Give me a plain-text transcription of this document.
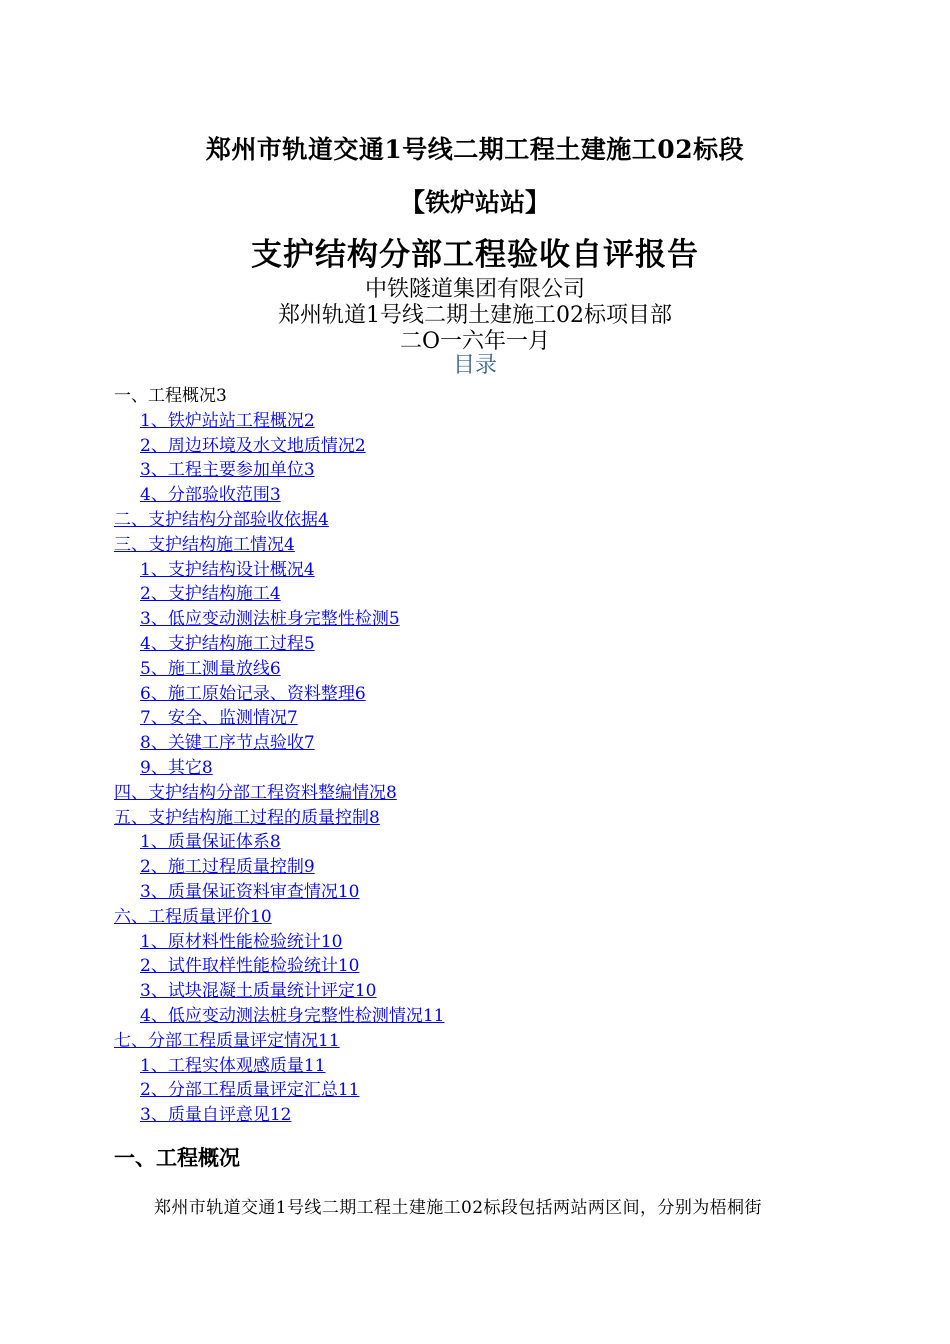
郑州市轨道交通1号线二期工程土建施工02标段
【铁炉站站】
支护结构分部工程验收自评报告
中铁隧道集团有限公司
郑州轨道1号线二期土建施工02标项目部
二О一六年一月
目录
一、工程概况3
1、铁炉站站工程概况2
2、周边环境及水文地质情况2
3、工程主要参加单位3
4、分部验收范围3
二、支护结构分部验收依据4
三、支护结构施工情况4
1、支护结构设计概况4
2、支护结构施工4
3、低应变动测法桩身完整性检测5
4、支护结构施工过程5
5、施工测量放线6
6、施工原始记录、资料整理6
7、安全、监测情况7
8、关键工序节点验收7
9、其它8
四、支护结构分部工程资料整编情况8
五、支护结构施工过程的质量控制8
1、质量保证体系8
2、施工过程质量控制9
3、质量保证资料审查情况10
六、工程质量评价10
1、原材料性能检验统计10
2、试件取样性能检验统计10
3、试块混凝土质量统计评定10
4、低应变动测法桩身完整性检测情况11
七、分部工程质量评定情况11
1、工程实体观感质量11
2、分部工程质量评定汇总11
3、质量自评意见12
一、工程概况
郑州市轨道交通1号线二期工程土建施工02标段包括两站两区间，分别为梧桐街
